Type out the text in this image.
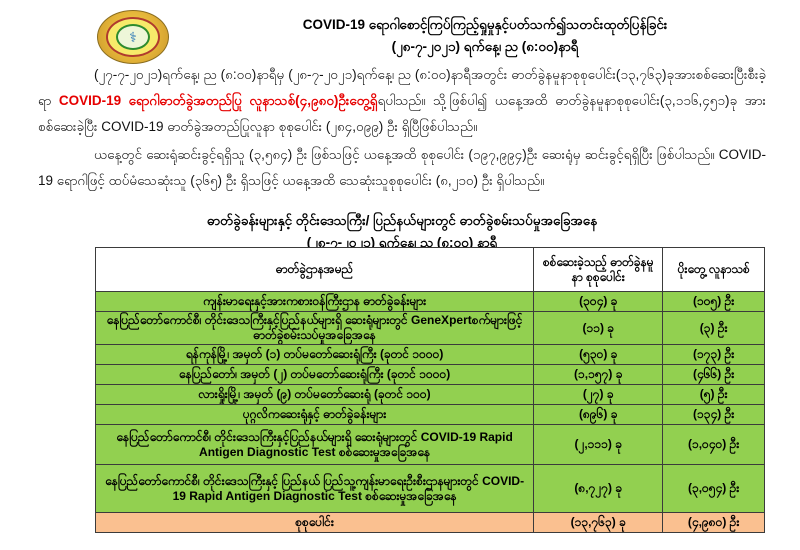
⚕
COVID-19 ရောဂါစောင့်ကြပ်ကြည့်ရှုမှုနှင့်ပတ်သက်၍သတင်းထုတ်ပြန်ခြင်း
(၂၈-၇-၂၀၂၁) ရက်နေ့၊ ည (၈:၀၀)နာရီ

(၂၇-၇-၂၀၂၁)ရက်နေ့၊ ည (၈:၀၀)နာရီမှ (၂၈-၇-၂၀၂၁)ရက်နေ့၊ ည (၈:၀၀)နာရီအတွင်း ဓာတ်ခွဲနမူနာစုစုပေါင်း(၁၃,၇၆၃)ခုအားစစ်ဆေးပြီးစီးခဲ့ရာ COVID-19 ရောဂါဓာတ်ခွဲအတည်ပြု လူနာသစ်(၄,၉၈၀)ဦးတွေ့ရှိရပါသည်။ သို့ဖြစ်ပါ၍ ယနေ့အထိ ဓာတ်ခွဲနမူနာစုစုပေါင်း(၃,၁၁၆,၄၅၁)ခု အား စစ်ဆေးခဲ့ပြီး COVID-19 ဓာတ်ခွဲအတည်ပြုလူနာ စုစုပေါင်း (၂၈၄,၀၉၉) ဦး ရှိပြီဖြစ်ပါသည်။

ယနေ့တွင် ဆေးရုံဆင်းခွင့်ရရှိသူ (၃,၅၈၄) ဦး ဖြစ်သဖြင့် ယနေ့အထိ စုစုပေါင်း (၁၉၇,၉၉၄)ဦး ဆေးရုံမှ ဆင်းခွင့်ရရှိပြီး ဖြစ်ပါသည်။ COVID-19 ရောဂါဖြင့် ထပ်မံသေဆုံးသူ (၃၆၅) ဦး ရှိသဖြင့် ယနေ့အထိ သေဆုံးသူစုစုပေါင်း (၈,၂၁၀) ဦး ရှိပါသည်။

ဓာတ်ခွဲခန်းများနှင့် တိုင်းဒေသကြီး/ ပြည်နယ်များတွင် ဓာတ်ခွဲစမ်းသပ်မှုအခြေအနေ
(၂၈-၇-၂၀၂၁) ရက်နေ့၊ ည (၈:၀၀) နာရီ
ဓာတ်ခွဲဌာနအမည်	စစ်ဆေးခဲ့သည့် ဓာတ်ခွဲနမူနာ စုစုပေါင်း	ပိုးတွေ့ လူနာသစ်
ကျန်းမာရေးနှင့်အားကစားဝန်ကြီးဌာန ဓာတ်ခွဲခန်းများ	(၃၀၄) ခု	(၁၀၅) ဦး
နေပြည်တော်ကောင်စီ၊ တိုင်းဒေသကြီးနှင့်ပြည်နယ်များရှိ ဆေးရုံများတွင် GeneXpertစက်များဖြင့် ဓာတ်ခွဲစမ်းသပ်မှုအခြေအနေ	(၁၁) ခု	(၃) ဦး
ရန်ကုန်မြို့၊ အမှတ် (၁) တပ်မတော်ဆေးရုံကြီး (ခုတင် ၁၀၀၀)	(၅၃၀) ခု	(၁၇၃) ဦး
နေပြည်တော်၊ အမှတ် (၂) တပ်မတော်ဆေးရုံကြီး (ခုတင် ၁၀၀၀)	(၁,၁၅၇) ခု	(၄၆၆) ဦး
လားရှိုးမြို့၊ အမှတ် (၉) တပ်မတော်ဆေးရုံ (ခုတင် ၁၀၀)	(၂၇) ခု	(၅) ဦး
ပုဂ္ဂလိကဆေးရုံနှင့် ဓာတ်ခွဲခန်းများ	(၈၉၆) ခု	(၁၃၄) ဦး
နေပြည်တော်ကောင်စီ၊ တိုင်းဒေသကြီးနှင့်ပြည်နယ်များရှိ ဆေးရုံများတွင် COVID-19 Rapid Antigen Diagnostic Test စစ်ဆေးမှုအခြေအနေ	(၂,၁၁၁) ခု	(၁,၀၄၀) ဦး
နေပြည်တော်ကောင်စီ၊ တိုင်းဒေသကြီးနှင့် ပြည်နယ် ပြည်သူ့ကျန်းမာရေးဦးစီးဌာနများတွင် COVID-19 Rapid Antigen Diagnostic Test စစ်ဆေးမှုအခြေအနေ	(၈,၇၂၇) ခု	(၃,၀၅၄) ဦး
စုစုပေါင်း	(၁၃,၇၆၃) ခု	(၄,၉၈၀) ဦး
